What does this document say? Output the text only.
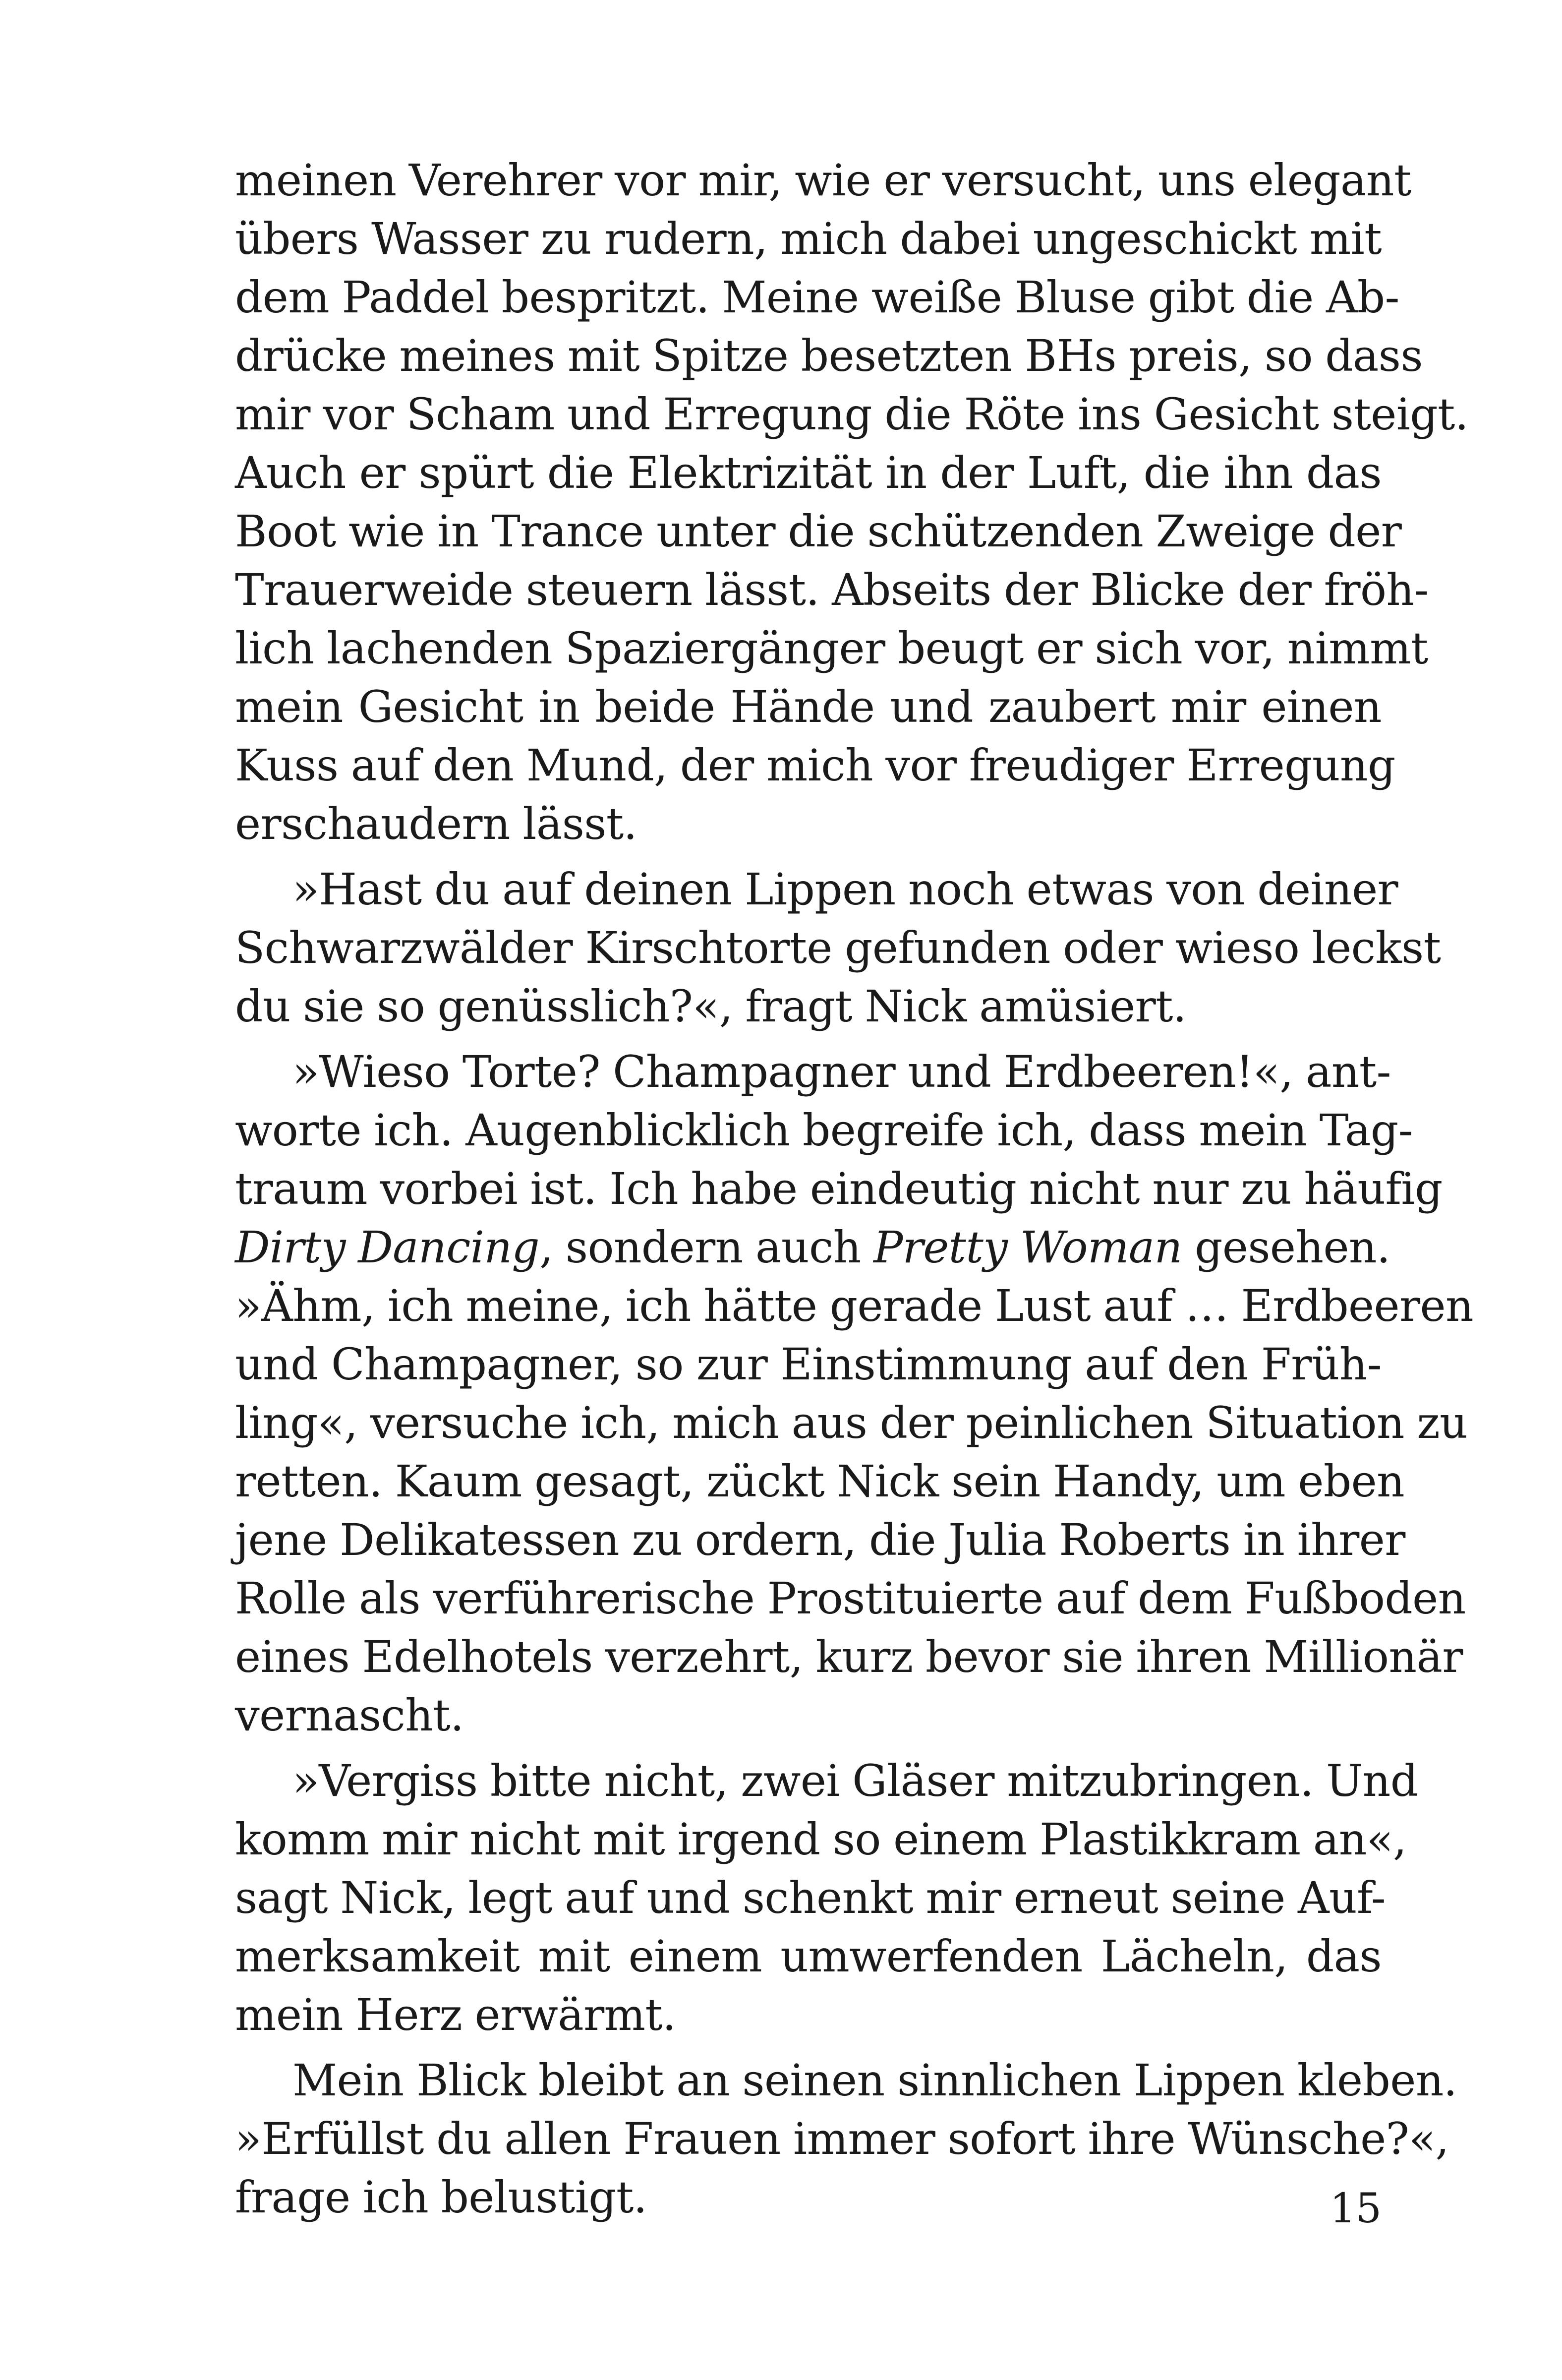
meinen Verehrer vor mir, wie er versucht, uns elegant
übers Wasser zu rudern, mich dabei ungeschickt mit
dem Paddel bespritzt. Meine weiße Bluse gibt die Ab-
drücke meines mit Spitze besetzten BHs preis, so dass
mir vor Scham und Erregung die Röte ins Gesicht steigt.
Auch er spürt die Elektrizität in der Luft, die ihn das
Boot wie in Trance unter die schützenden Zweige der
Trauerweide steuern lässt. Abseits der Blicke der fröh-
lich lachenden Spaziergänger beugt er sich vor, nimmt
mein Gesicht in beide Hände und zaubert mir einen
Kuss auf den Mund, der mich vor freudiger Erregung
erschaudern lässt.
»Hast du auf deinen Lippen noch etwas von deiner
Schwarzwälder Kirschtorte gefunden oder wieso leckst
du sie so genüsslich?«, fragt Nick amüsiert.
»Wieso Torte? Champagner und Erdbeeren!«, ant-
worte ich. Augenblicklich begreife ich, dass mein Tag-
traum vorbei ist. Ich habe eindeutig nicht nur zu häufig
Dirty Dancing, sondern auch Pretty Woman gesehen.
»Ähm, ich meine, ich hätte gerade Lust auf … Erdbeeren
und Champagner, so zur Einstimmung auf den Früh-
ling«, versuche ich, mich aus der peinlichen Situation zu
retten. Kaum gesagt, zückt Nick sein Handy, um eben
jene Delikatessen zu ordern, die Julia Roberts in ihrer
Rolle als verführerische Prostituierte auf dem Fußboden
eines Edelhotels verzehrt, kurz bevor sie ihren Millionär
vernascht.
»Vergiss bitte nicht, zwei Gläser mitzubringen. Und
komm mir nicht mit irgend so einem Plastikkram an«,
sagt Nick, legt auf und schenkt mir erneut seine Auf-
merksamkeit mit einem umwerfenden Lächeln, das
mein Herz erwärmt.
Mein Blick bleibt an seinen sinnlichen Lippen kleben.
»Erfüllst du allen Frauen immer sofort ihre Wünsche?«,
frage ich belustigt.	15
